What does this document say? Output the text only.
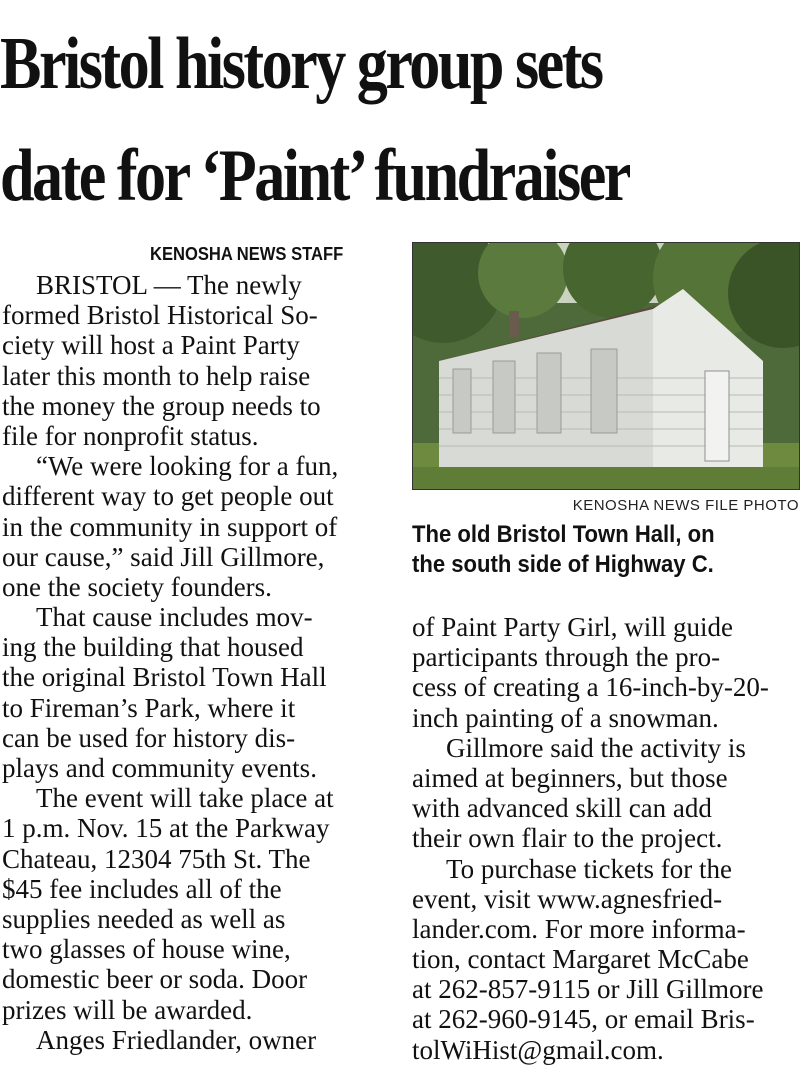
Bristol history group sets
date for ‘Paint’ fundraiser
KENOSHA NEWS STAFF
BRISTOL — The newly
formed Bristol Historical So-
ciety will host a Paint Party
later this month to help raise
the money the group needs to
file for nonprofit status.
“We were looking for a fun,
different way to get people out
in the community in support of
our cause,” said Jill Gillmore,
one the society founders.
That cause includes mov-
ing the building that housed
the original Bristol Town Hall
to Fireman’s Park, where it
can be used for history dis-
plays and community events.
The event will take place at
1 p.m. Nov. 15 at the Parkway
Chateau, 12304 75th St. The
$45 fee includes all of the
supplies needed as well as
two glasses of house wine,
domestic beer or soda. Door
prizes will be awarded.
Anges Friedlander, owner
KENOSHA NEWS FILE PHOTO
The old Bristol Town Hall, on
the south side of Highway C.
of Paint Party Girl, will guide
participants through the pro-
cess of creating a 16-inch-by-20-
inch painting of a snowman.
Gillmore said the activity is
aimed at beginners, but those
with advanced skill can add
their own flair to the project.
To purchase tickets for the
event, visit www.agnesfried-
lander.com. For more informa-
tion, contact Margaret McCabe
at 262-857-9115 or Jill Gillmore
at 262-960-9145, or email Bris-
tolWiHist@gmail.com.
